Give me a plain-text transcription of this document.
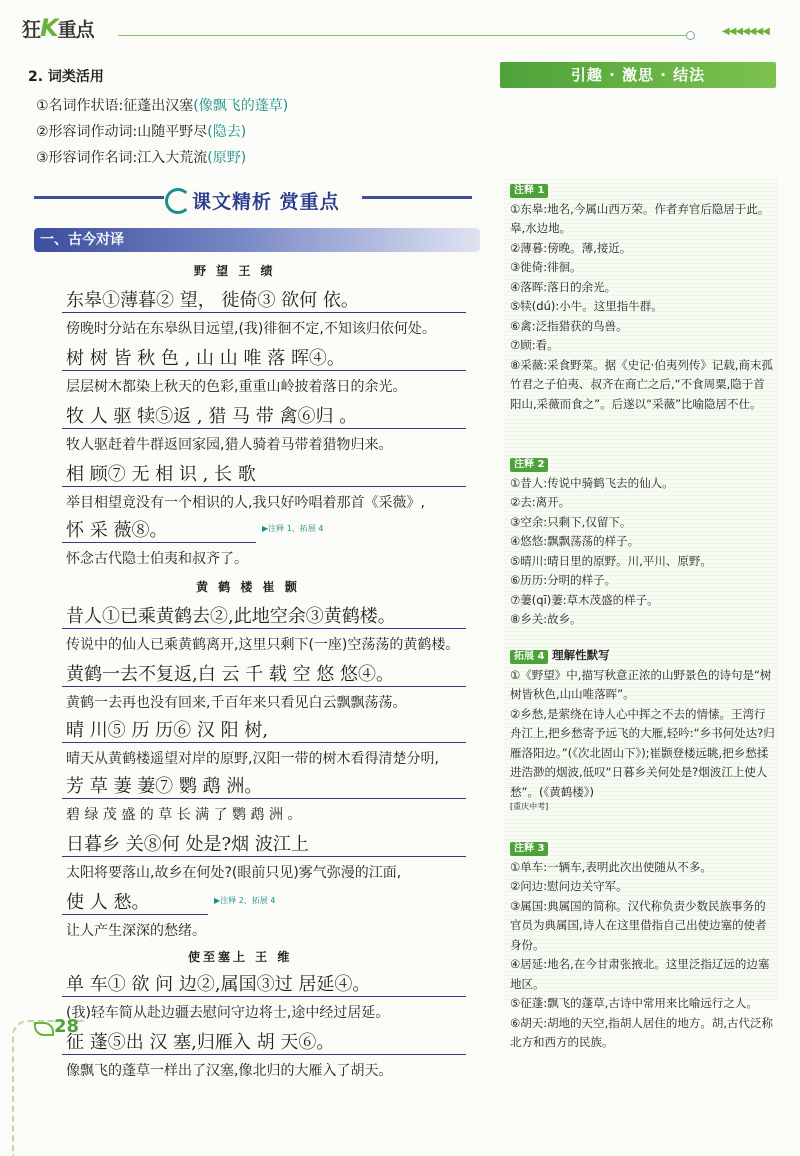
狂K重点	◀◀◀◀◀◀◀
2. 词类活用
①名词作状语:征蓬出汉塞(像飘飞的蓬草)
②形容词作动词:山随平野尽(隐去)
③形容词作名词:江入大荒流(原野)
课文精析 赏重点
一、古今对译
野 望 王 绩
东皋①薄暮② 望， 徙倚③ 欲何 依。
傍晚时分站在东皋纵目远望,(我)徘徊不定,不知该归依何处。
树 树 皆 秋 色 , 山 山 唯 落 晖④。
层层树木都染上秋天的色彩,重重山岭披着落日的余光。
牧 人 驱 犊⑤返 , 猎 马 带 禽⑥归 。
牧人驱赶着牛群返回家园,猎人骑着马带着猎物归来。
相 顾⑦ 无 相 识 , 长 歌
举目相望竟没有一个相识的人,我只好吟唱着那首《采薇》,
怀 采 薇⑧。	▶注释 1、拓展 4
怀念古代隐士伯夷和叔齐了。
黄 鹤 楼 崔 颢
昔人①已乘黄鹤去②,此地空余③黄鹤楼。
传说中的仙人已乘黄鹤离开,这里只剩下(一座)空荡荡的黄鹤楼。
黄鹤一去不复返,白 云 千 载 空 悠 悠④。
黄鹤一去再也没有回来,千百年来只看见白云飘飘荡荡。
晴 川⑤ 历 历⑥ 汉 阳 树,
晴天从黄鹤楼遥望对岸的原野,汉阳一带的树木看得清楚分明,
芳 草 萋 萋⑦ 鹦 鹉 洲。
碧 绿 茂 盛 的 草 长 满 了 鹦 鹉 洲 。
日暮乡 关⑧何 处是?烟 波江上
太阳将要落山,故乡在何处?(眼前只见)雾气弥漫的江面,
使 人 愁。	▶注释 2、拓展 4
让人产生深深的愁绪。
使至塞上 王 维
单 车① 欲 问 边②,属国③过 居延④。
(我)轻车简从赴边疆去慰问守边将士,途中经过居延。
征 蓬⑤出 汉 塞,归雁入 胡 天⑥。
像飘飞的蓬草一样出了汉塞,像北归的大雁入了胡天。
引趣 · 激思 · 结法
注释 1
①东皋:地名,今属山西万荣。作者弃官后隐居于此。皋,水边地。
②薄暮:傍晚。薄,接近。
③徙倚:徘徊。
④落晖:落日的余光。
⑤犊(dú):小牛。这里指牛群。
⑥禽:泛指猎获的鸟兽。
⑦顾:看。
⑧采薇:采食野菜。据《史记·伯夷列传》记载,商末孤竹君之子伯夷、叔齐在商亡之后,“不食周粟,隐于首阳山,采薇而食之”。后遂以“采薇”比喻隐居不仕。
注释 2
①昔人:传说中骑鹤飞去的仙人。
②去:离开。
③空余:只剩下,仅留下。
④悠悠:飘飘荡荡的样子。
⑤晴川:晴日里的原野。川,平川、原野。
⑥历历:分明的样子。
⑦萋(qī)萋:草木茂盛的样子。
⑧乡关:故乡。
拓展 4 理解性默写
①《野望》中,描写秋意正浓的山野景色的诗句是“树树皆秋色,山山唯落晖”。
②乡愁,是萦绕在诗人心中挥之不去的情愫。王湾行舟江上,把乡愁寄予远飞的大雁,轻吟:“乡书何处达?归雁洛阳边。”(《次北固山下》);崔颢登楼远眺,把乡愁揉进浩渺的烟波,低叹“日暮乡关何处是?烟波江上使人愁”。(《黄鹤楼》)
[重庆中考]
注释 3
①单车:一辆车,表明此次出使随从不多。
②问边:慰问边关守军。
③属国:典属国的简称。汉代称负责少数民族事务的官员为典属国,诗人在这里借指自己出使边塞的使者身份。
④居延:地名,在今甘肃张掖北。这里泛指辽远的边塞地区。
⑤征蓬:飘飞的蓬草,古诗中常用来比喻远行之人。
⑥胡天:胡地的天空,指胡人居住的地方。胡,古代泛称北方和西方的民族。
28
